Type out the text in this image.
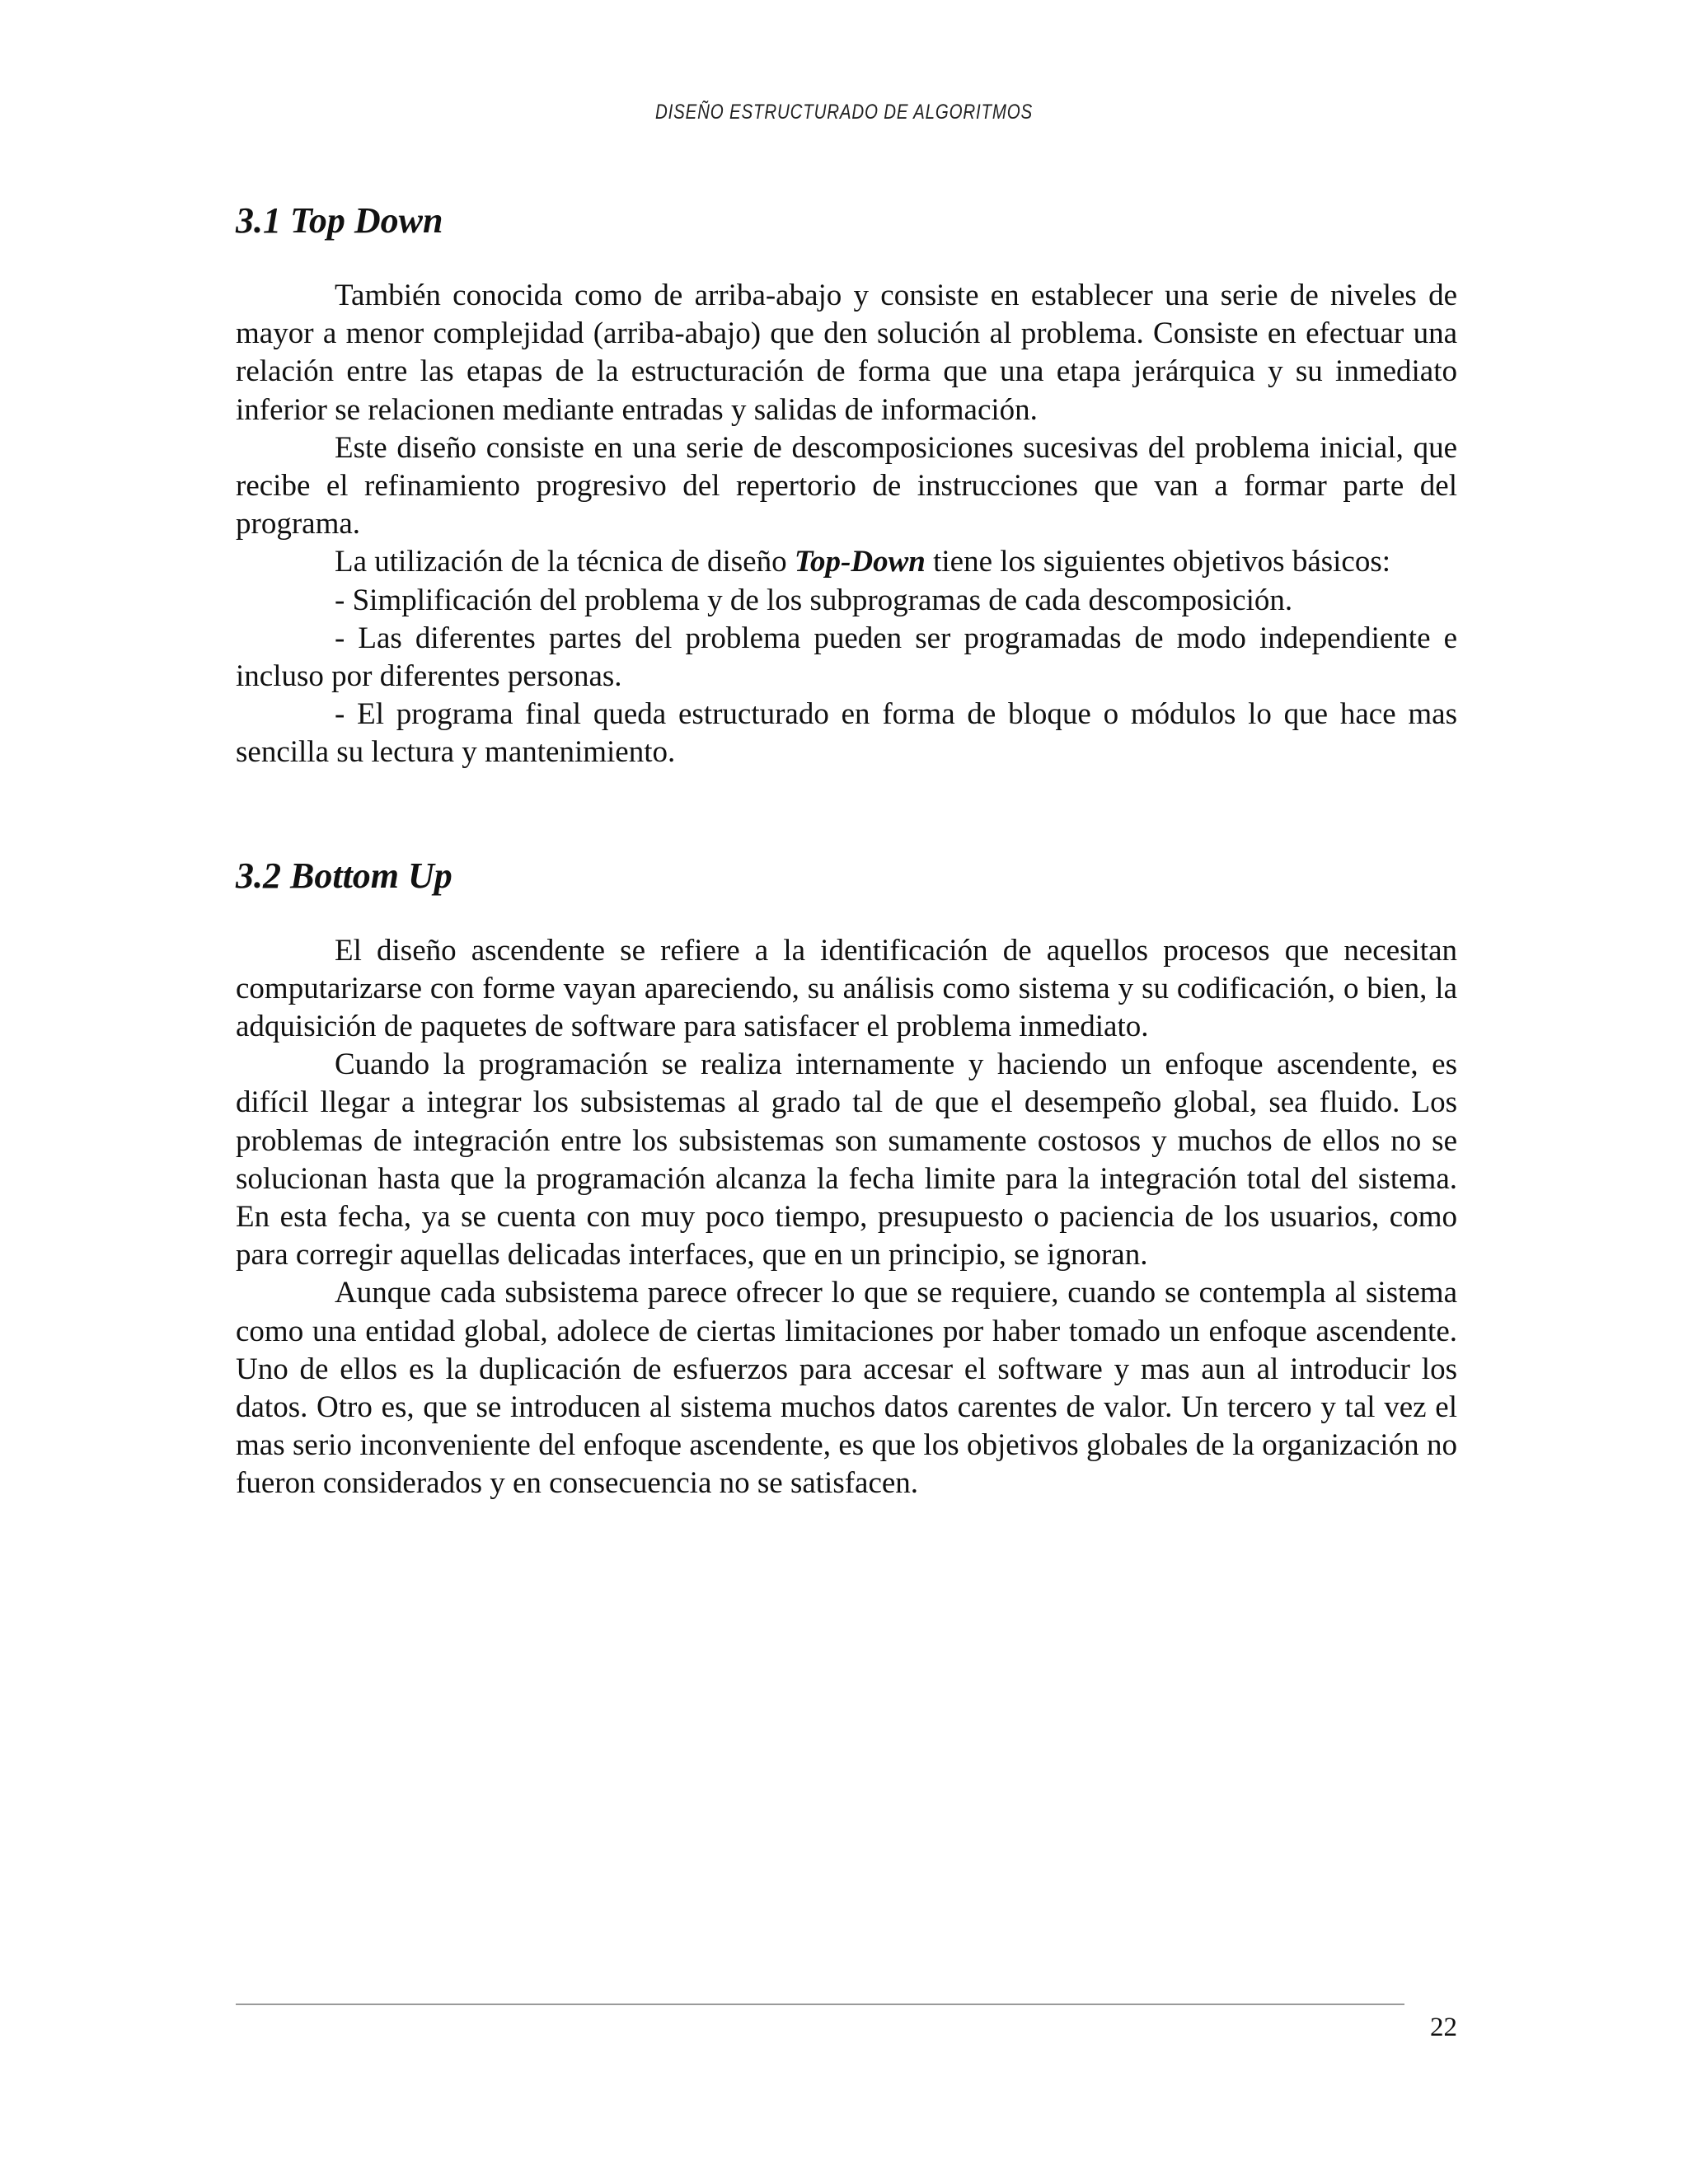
DISEÑO ESTRUCTURADO DE ALGORITMOS
3.1 Top Down

También conocida como de arriba-abajo y consiste en establecer una serie de niveles de mayor a menor complejidad (arriba-abajo) que den solución al problema. Consiste en efectuar una relación entre las etapas de la estructuración de forma que una etapa jerárquica y su inmediato inferior se relacionen mediante entradas y salidas de información.

Este diseño consiste en una serie de descomposiciones sucesivas del problema inicial, que recibe el refinamiento progresivo del repertorio de instrucciones que van a formar parte del programa.

La utilización de la técnica de diseño Top-Down tiene los siguientes objetivos básicos:

- Simplificación del problema y de los subprogramas de cada descomposición.

- Las diferentes partes del problema pueden ser programadas de modo independiente e incluso por diferentes personas.

- El programa final queda estructurado en forma de bloque o módulos lo que hace mas sencilla su lectura y mantenimiento.

3.2 Bottom Up

El diseño ascendente se refiere a la identificación de aquellos procesos que necesitan computarizarse con forme vayan apareciendo, su análisis como sistema y su codificación, o bien, la adquisición de paquetes de software para satisfacer el problema inmediato.

Cuando la programación se realiza internamente y haciendo un enfoque ascendente, es difícil llegar a integrar los subsistemas al grado tal de que el desempeño global, sea fluido. Los problemas de integración entre los subsistemas son sumamente costosos y muchos de ellos no se solucionan hasta que la programación alcanza la fecha limite para la integración total del sistema. En esta fecha, ya se cuenta con muy poco tiempo, presupuesto o paciencia de los usuarios, como para corregir aquellas delicadas interfaces, que en un principio, se ignoran.

Aunque cada subsistema parece ofrecer lo que se requiere, cuando se contempla al sistema como una entidad global, adolece de ciertas limitaciones por haber tomado un enfoque ascendente. Uno de ellos es la duplicación de esfuerzos para accesar el software y mas aun al introducir los datos. Otro es, que se introducen al sistema muchos datos carentes de valor. Un tercero y tal vez el mas serio inconveniente del enfoque ascendente, es que los objetivos globales de la organización no fueron considerados y en consecuencia no se satisfacen.

22
